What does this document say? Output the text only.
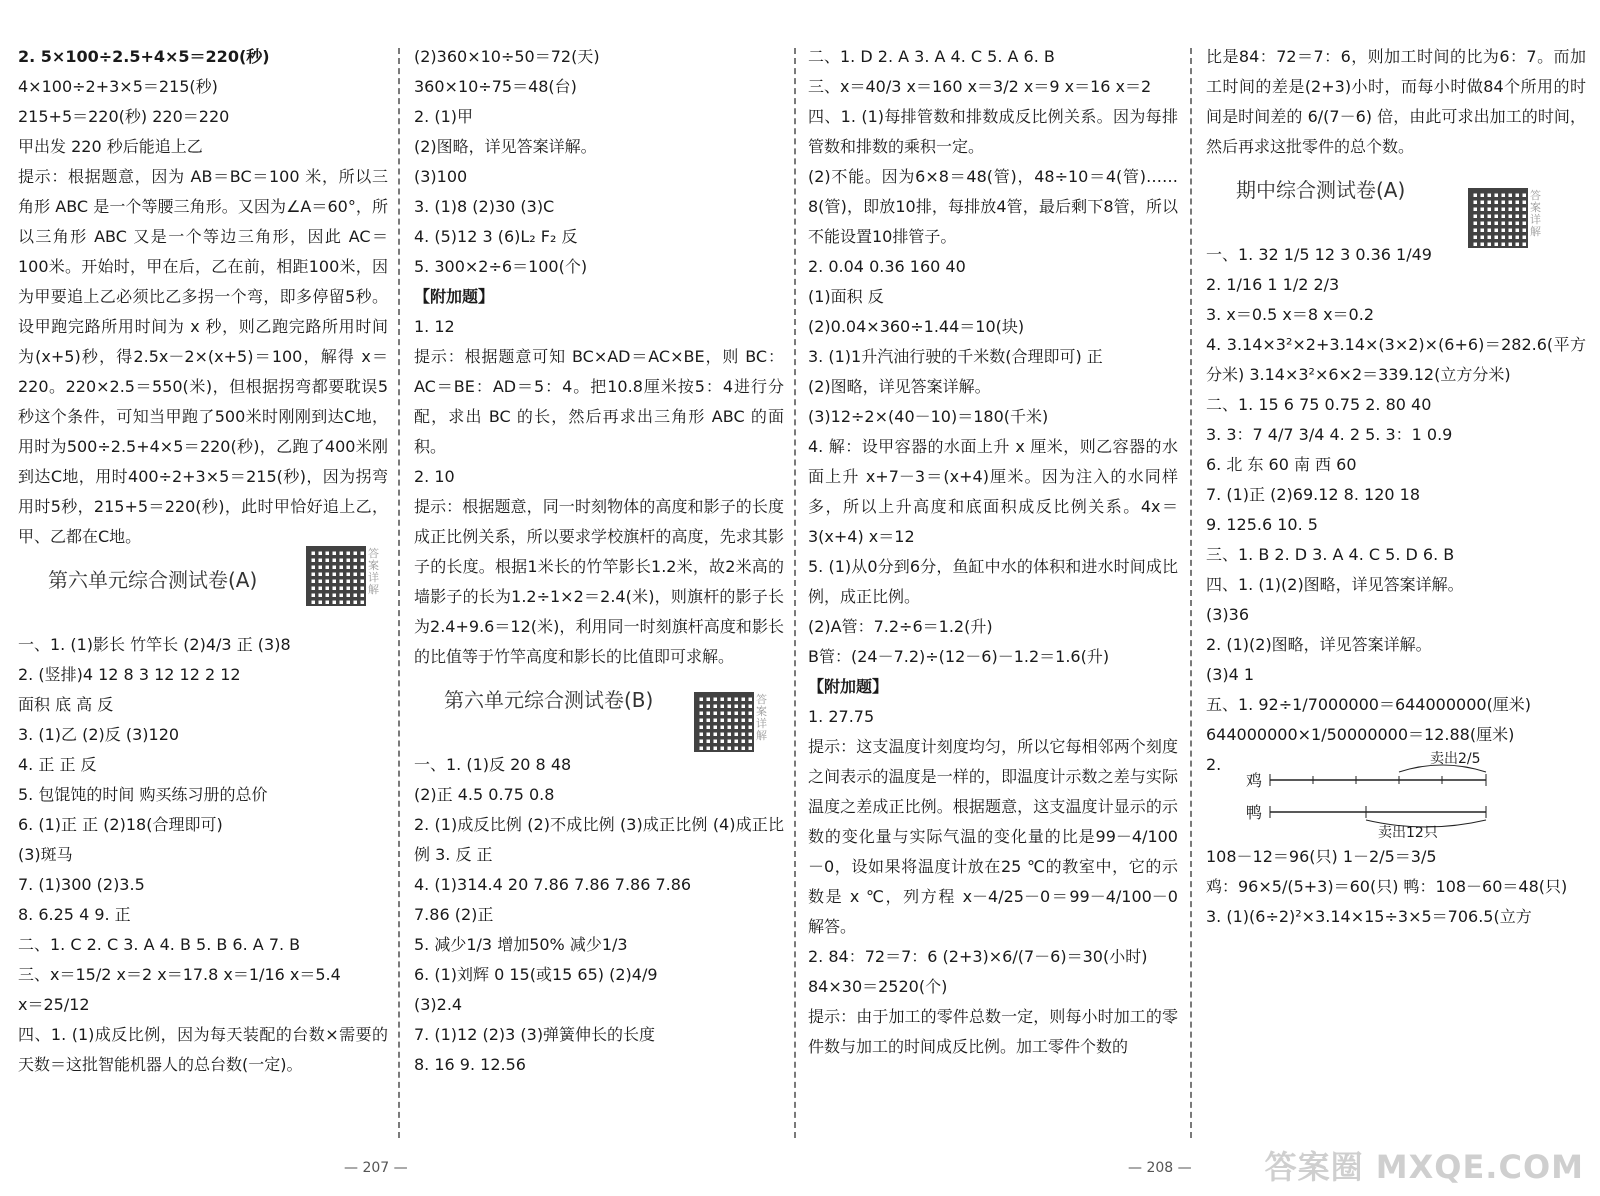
2. 5×100÷2.5+4×5＝220(秒)
4×100÷2+3×5＝215(秒)
215+5＝220(秒) 220＝220
甲出发 220 秒后能追上乙
提示：根据题意，因为 AB＝BC＝100 米，所以三角形 ABC 是一个等腰三角形。又因为∠A＝60°，所以三角形 ABC 又是一个等边三角形，因此 AC＝100米。开始时，甲在后，乙在前，相距100米，因为甲要追上乙必须比乙多拐一个弯，即多停留5秒。设甲跑完路所用时间为 x 秒，则乙跑完路所用时间为(x+5)秒，得2.5x－2×(x+5)＝100，解得 x＝220。220×2.5＝550(米)，但根据拐弯都要耽误5秒这个条件，可知当甲跑了500米时刚刚到达C地，用时为500÷2.5+4×5＝220(秒)，乙跑了400米刚到达C地，用时400÷2+3×5＝215(秒)，因为拐弯用时5秒，215+5＝220(秒)，此时甲恰好追上乙，甲、乙都在C地。
第六单元综合测试卷(A)
一、1. (1)影长 竹竿长 (2)4/3 正 (3)8
2. (竖排)4 12 8 3 12 12 2 12
面积 底 高 反
3. (1)乙 (2)反 (3)120
4. 正 正 反
5. 包馄饨的时间 购买练习册的总价
6. (1)正 正 (2)18(合理即可)
(3)斑马
7. (1)300 (2)3.5
8. 6.25 4 9. 正
二、1. C 2. C 3. A 4. B 5. B 6. A 7. B
三、x＝15/2 x＝2 x＝17.8 x＝1/16 x＝5.4
x＝25/12
四、1. (1)成反比例，因为每天装配的台数×需要的天数＝这批智能机器人的总台数(一定)。
答案详解
(2)360×10÷50＝72(天)
360×10÷75＝48(台)
2. (1)甲
(2)图略，详见答案详解。
(3)100
3. (1)8 (2)30 (3)C
4. (5)12 3 (6)L₂ F₂ 反
5. 300×2÷6＝100(个)
【附加题】
1. 12
提示：根据题意可知 BC×AD＝AC×BE，则 BC：AC＝BE：AD＝5：4。把10.8厘米按5：4进行分配，求出 BC 的长，然后再求出三角形 ABC 的面积。
2. 10
提示：根据题意，同一时刻物体的高度和影子的长度成正比例关系，所以要求学校旗杆的高度，先求其影子的长度。根据1米长的竹竿影长1.2米，故2米高的墙影子的长为1.2÷1×2＝2.4(米)，则旗杆的影子长为2.4+9.6＝12(米)，利用同一时刻旗杆高度和影长的比值等于竹竿高度和影长的比值即可求解。
第六单元综合测试卷(B)
一、1. (1)反 20 8 48
(2)正 4.5 0.75 0.8
2. (1)成反比例 (2)不成比例 (3)成正比例 (4)成正比例 3. 反 正
4. (1)314.4 20 7.86 7.86 7.86 7.86
7.86 (2)正
5. 减少1/3 增加50% 减少1/3
6. (1)刘辉 0 15(或15 65) (2)4/9
(3)2.4
7. (1)12 (2)3 (3)弹簧伸长的长度
8. 16 9. 12.56
答案详解
二、1. D 2. A 3. A 4. C 5. A 6. B
三、x＝40/3 x＝160 x＝3/2 x＝9 x＝16 x＝2
四、1. (1)每排管数和排数成反比例关系。因为每排管数和排数的乘积一定。
(2)不能。因为6×8＝48(管)，48÷10＝4(管)……8(管)，即放10排，每排放4管，最后剩下8管，所以不能设置10排管子。
2. 0.04 0.36 160 40
(1)面积 反
(2)0.04×360÷1.44＝10(块)
3. (1)1升汽油行驶的千米数(合理即可) 正
(2)图略，详见答案详解。
(3)12÷2×(40－10)＝180(千米)
4. 解：设甲容器的水面上升 x 厘米，则乙容器的水面上升 x+7－3＝(x+4)厘米。因为注入的水同样多，所以上升高度和底面积成反比例关系。4x＝3(x+4) x＝12
5. (1)从0分到6分，鱼缸中水的体积和进水时间成比例，成正比例。
(2)A管：7.2÷6＝1.2(升)
B管：(24－7.2)÷(12－6)－1.2＝1.6(升)
【附加题】
1. 27.75
提示：这支温度计刻度均匀，所以它每相邻两个刻度之间表示的温度是一样的，即温度计示数之差与实际温度之差成正比例。根据题意，这支温度计显示的示数的变化量与实际气温的变化量的比是99－4/100－0，设如果将温度计放在25 ℃的教室中，它的示数是 x ℃，列方程 x－4/25－0＝99－4/100－0 解答。
2. 84：72＝7：6 (2+3)×6/(7－6)＝30(小时)
84×30＝2520(个)
提示：由于加工的零件总数一定，则每小时加工的零件数与加工的时间成反比例。加工零件个数的
比是84：72＝7：6，则加工时间的比为6：7。而加工时间的差是(2+3)小时，而每小时做84个所用的时间是时间差的 6/(7－6) 倍，由此可求出加工的时间，然后再求这批零件的总个数。
期中综合测试卷(A)
一、1. 32 1/5 12 3 0.36 1/49
2. 1/16 1 1/2 2/3
3. x＝0.5 x＝8 x＝0.2
4. 3.14×3²×2+3.14×(3×2)×(6+6)＝282.6(平方分米) 3.14×3²×6×2＝339.12(立方分米)
二、1. 15 6 75 0.75 2. 80 40
3. 3：7 4/7 3/4 4. 2 5. 3：1 0.9
6. 北 东 60 南 西 60
7. (1)正 (2)69.12 8. 120 18
9. 125.6 10. 5
三、1. B 2. D 3. A 4. C 5. D 6. B
四、1. (1)(2)图略，详见答案详解。
(3)36
2. (1)(2)图略，详见答案详解。
(3)4 1
五、1. 92÷1/7000000＝644000000(厘米)
644000000×1/50000000＝12.88(厘米)
2.
鸡
鸭
卖出2/5
卖出12只
108－12＝96(只) 1－2/5＝3/5
鸡：96×5/(5+3)＝60(只) 鸭：108－60＝48(只)
3. (1)(6÷2)²×3.14×15÷3×5＝706.5(立方
答案详解
— 207 —	— 208 — 答案圈 MXQE.COM
